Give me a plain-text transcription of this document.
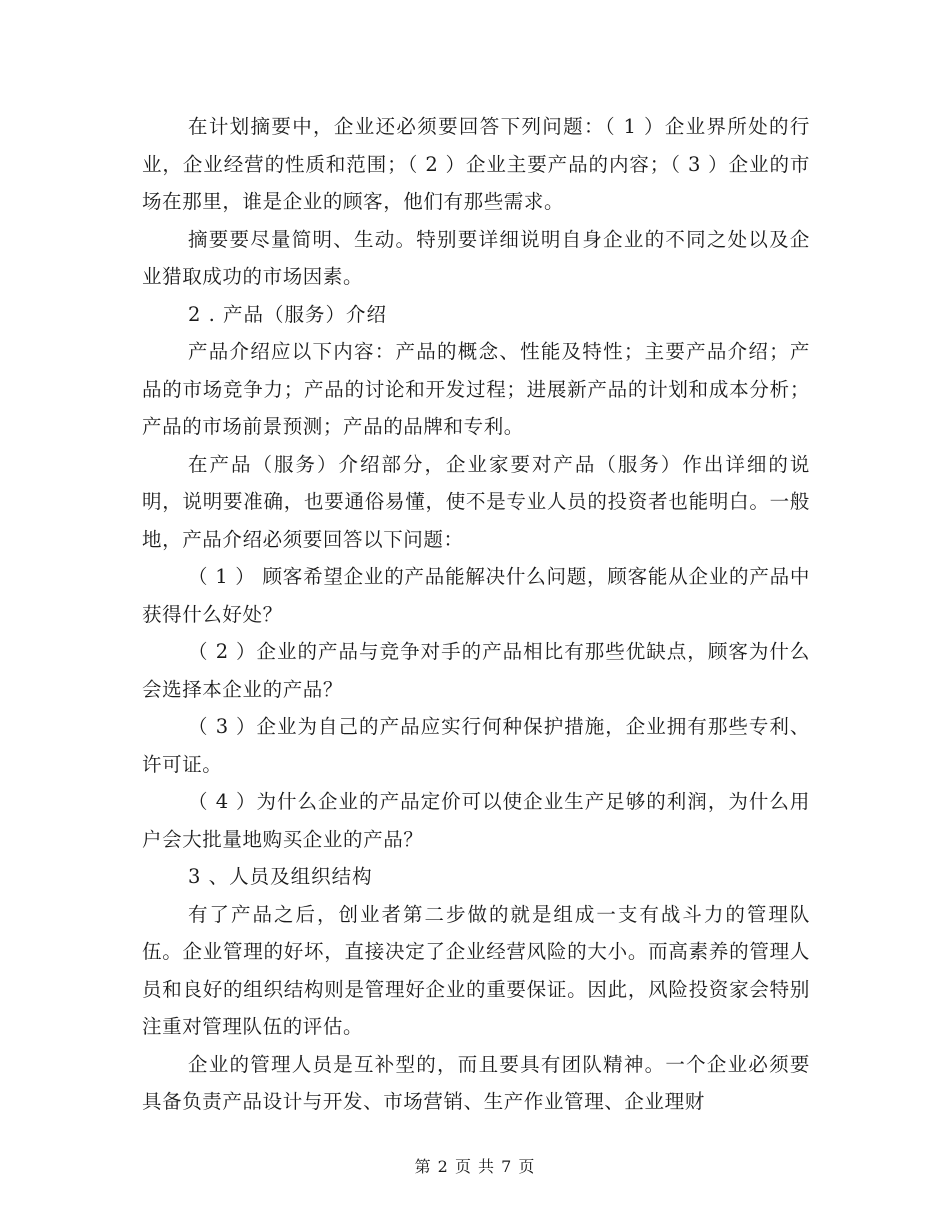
在计划摘要中，企业还必须要回答下列问题：（ 1 ）企业界所处的行业，企业经营的性质和范围；（ 2 ）企业主要产品的内容；（ 3 ）企业的市场在那里，谁是企业的顾客，他们有那些需求。

摘要要尽量简明、生动。特别要详细说明自身企业的不同之处以及企业猎取成功的市场因素。

2 . 产品（服务）介绍

产品介绍应以下内容：产品的概念、性能及特性；主要产品介绍；产品的市场竞争力；产品的讨论和开发过程；进展新产品的计划和成本分析；产品的市场前景预测；产品的品牌和专利。

在产品（服务）介绍部分，企业家要对产品（服务）作出详细的说明，说明要准确，也要通俗易懂，使不是专业人员的投资者也能明白。一般地，产品介绍必须要回答以下问题：

（ 1 ） 顾客希望企业的产品能解决什么问题，顾客能从企业的产品中获得什么好处？

（ 2 ）企业的产品与竞争对手的产品相比有那些优缺点，顾客为什么会选择本企业的产品？

（ 3 ）企业为自己的产品应实行何种保护措施，企业拥有那些专利、许可证。

（ 4 ）为什么企业的产品定价可以使企业生产足够的利润，为什么用户会大批量地购买企业的产品？

3 、人员及组织结构

有了产品之后，创业者第二步做的就是组成一支有战斗力的管理队伍。企业管理的好坏，直接决定了企业经营风险的大小。而高素养的管理人员和良好的组织结构则是管理好企业的重要保证。因此，风险投资家会特别 注重对管理队伍的评估。

企业的管理人员是互补型的，而且要具有团队精神。一个企业必须要具备负责产品设计与开发、市场营销、生产作业管理、企业理财

第 2 页 共 7 页
